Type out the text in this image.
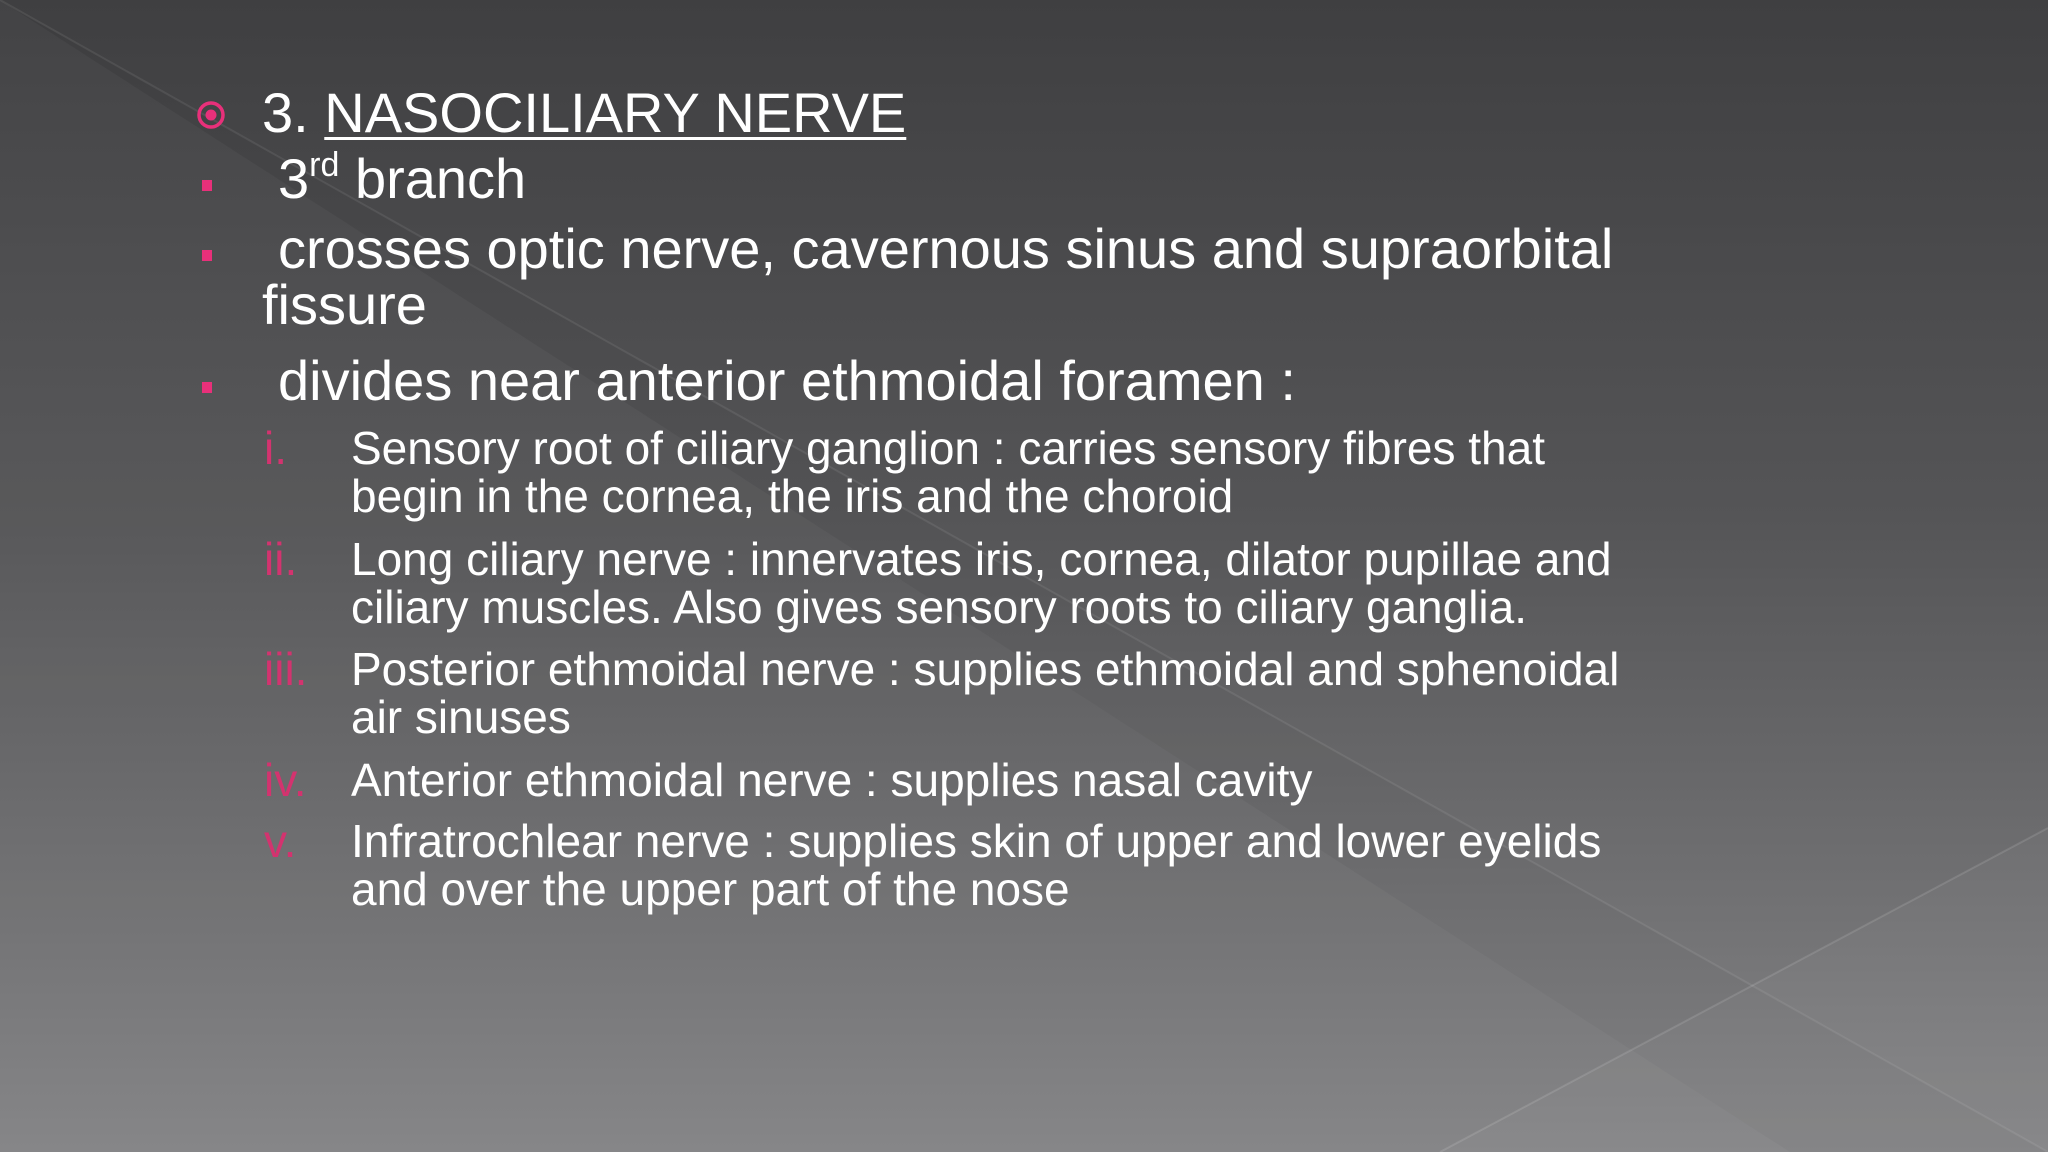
3. NASOCILIARY NERVE
3rd branch
crosses optic nerve, cavernous sinus and supraorbital
fissure
divides near anterior ethmoidal foramen :
i. Sensory root of ciliary ganglion : carries sensory fibres that
begin in the cornea, the iris and the choroid
ii. Long ciliary nerve : innervates iris, cornea, dilator pupillae and
ciliary muscles. Also gives sensory roots to ciliary ganglia.
iii. Posterior ethmoidal nerve : supplies ethmoidal and sphenoidal
air sinuses
iv. Anterior ethmoidal nerve : supplies nasal cavity
v. Infratrochlear nerve : supplies skin of upper and lower eyelids
and over the upper part of the nose
